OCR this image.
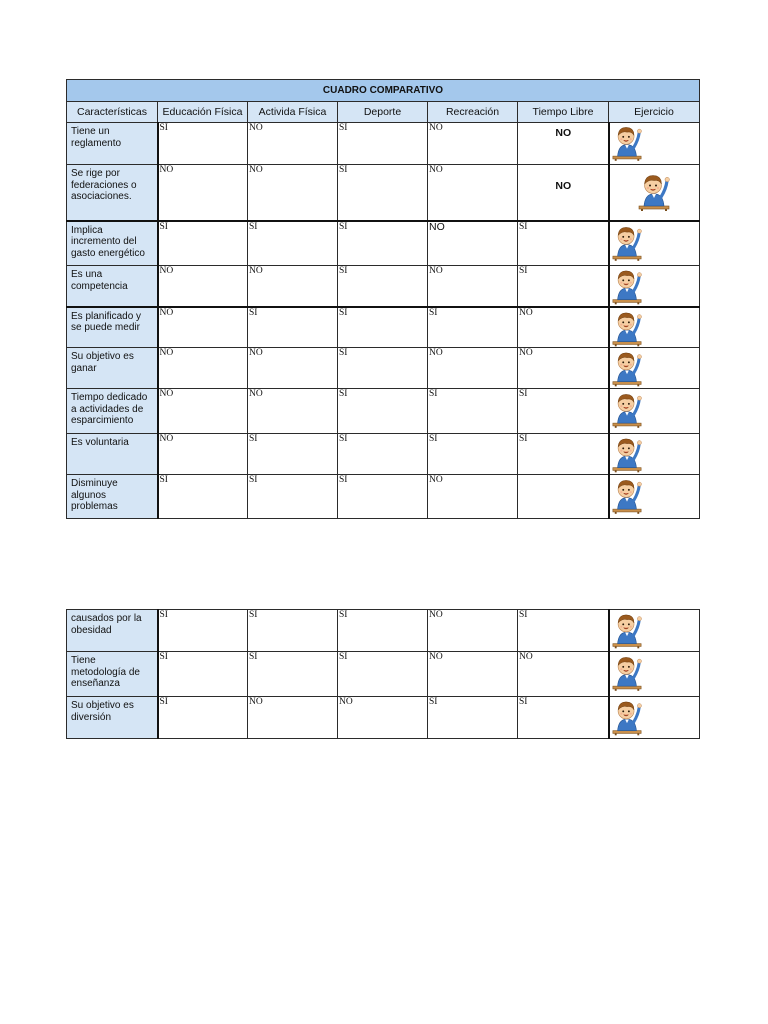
CUADRO COMPARATIVO						
Características	Educación Física	Activida Física	Deporte	Recreación	Tiempo Libre	Ejercicio
Tiene un reglamento	SI	NO	SI	NO	NO	

Se rige por federaciones o asociaciones.	NO	NO	SI	NO	NO	

Implica incremento del gasto energético	SI	SI	SI	NO	SI	

Es una competencia	NO	NO	SI	NO	SI	

Es planificado y se puede medir	NO	SI	SI	SI	NO	

Su objetivo es ganar	NO	NO	SI	NO	NO	

Tiempo dedicado a actividades de esparcimiento	NO	NO	SI	SI	SI	

Es voluntaria	NO	SI	SI	SI	SI	

Disminuye algunos problemas	SI	SI	SI	NO		
causados por la obesidad	SI	SI	SI	NO	SI	

Tiene metodología de enseñanza	SI	SI	SI	NO	NO	

Su objetivo es diversión	SI	NO	NO	SI	SI	
